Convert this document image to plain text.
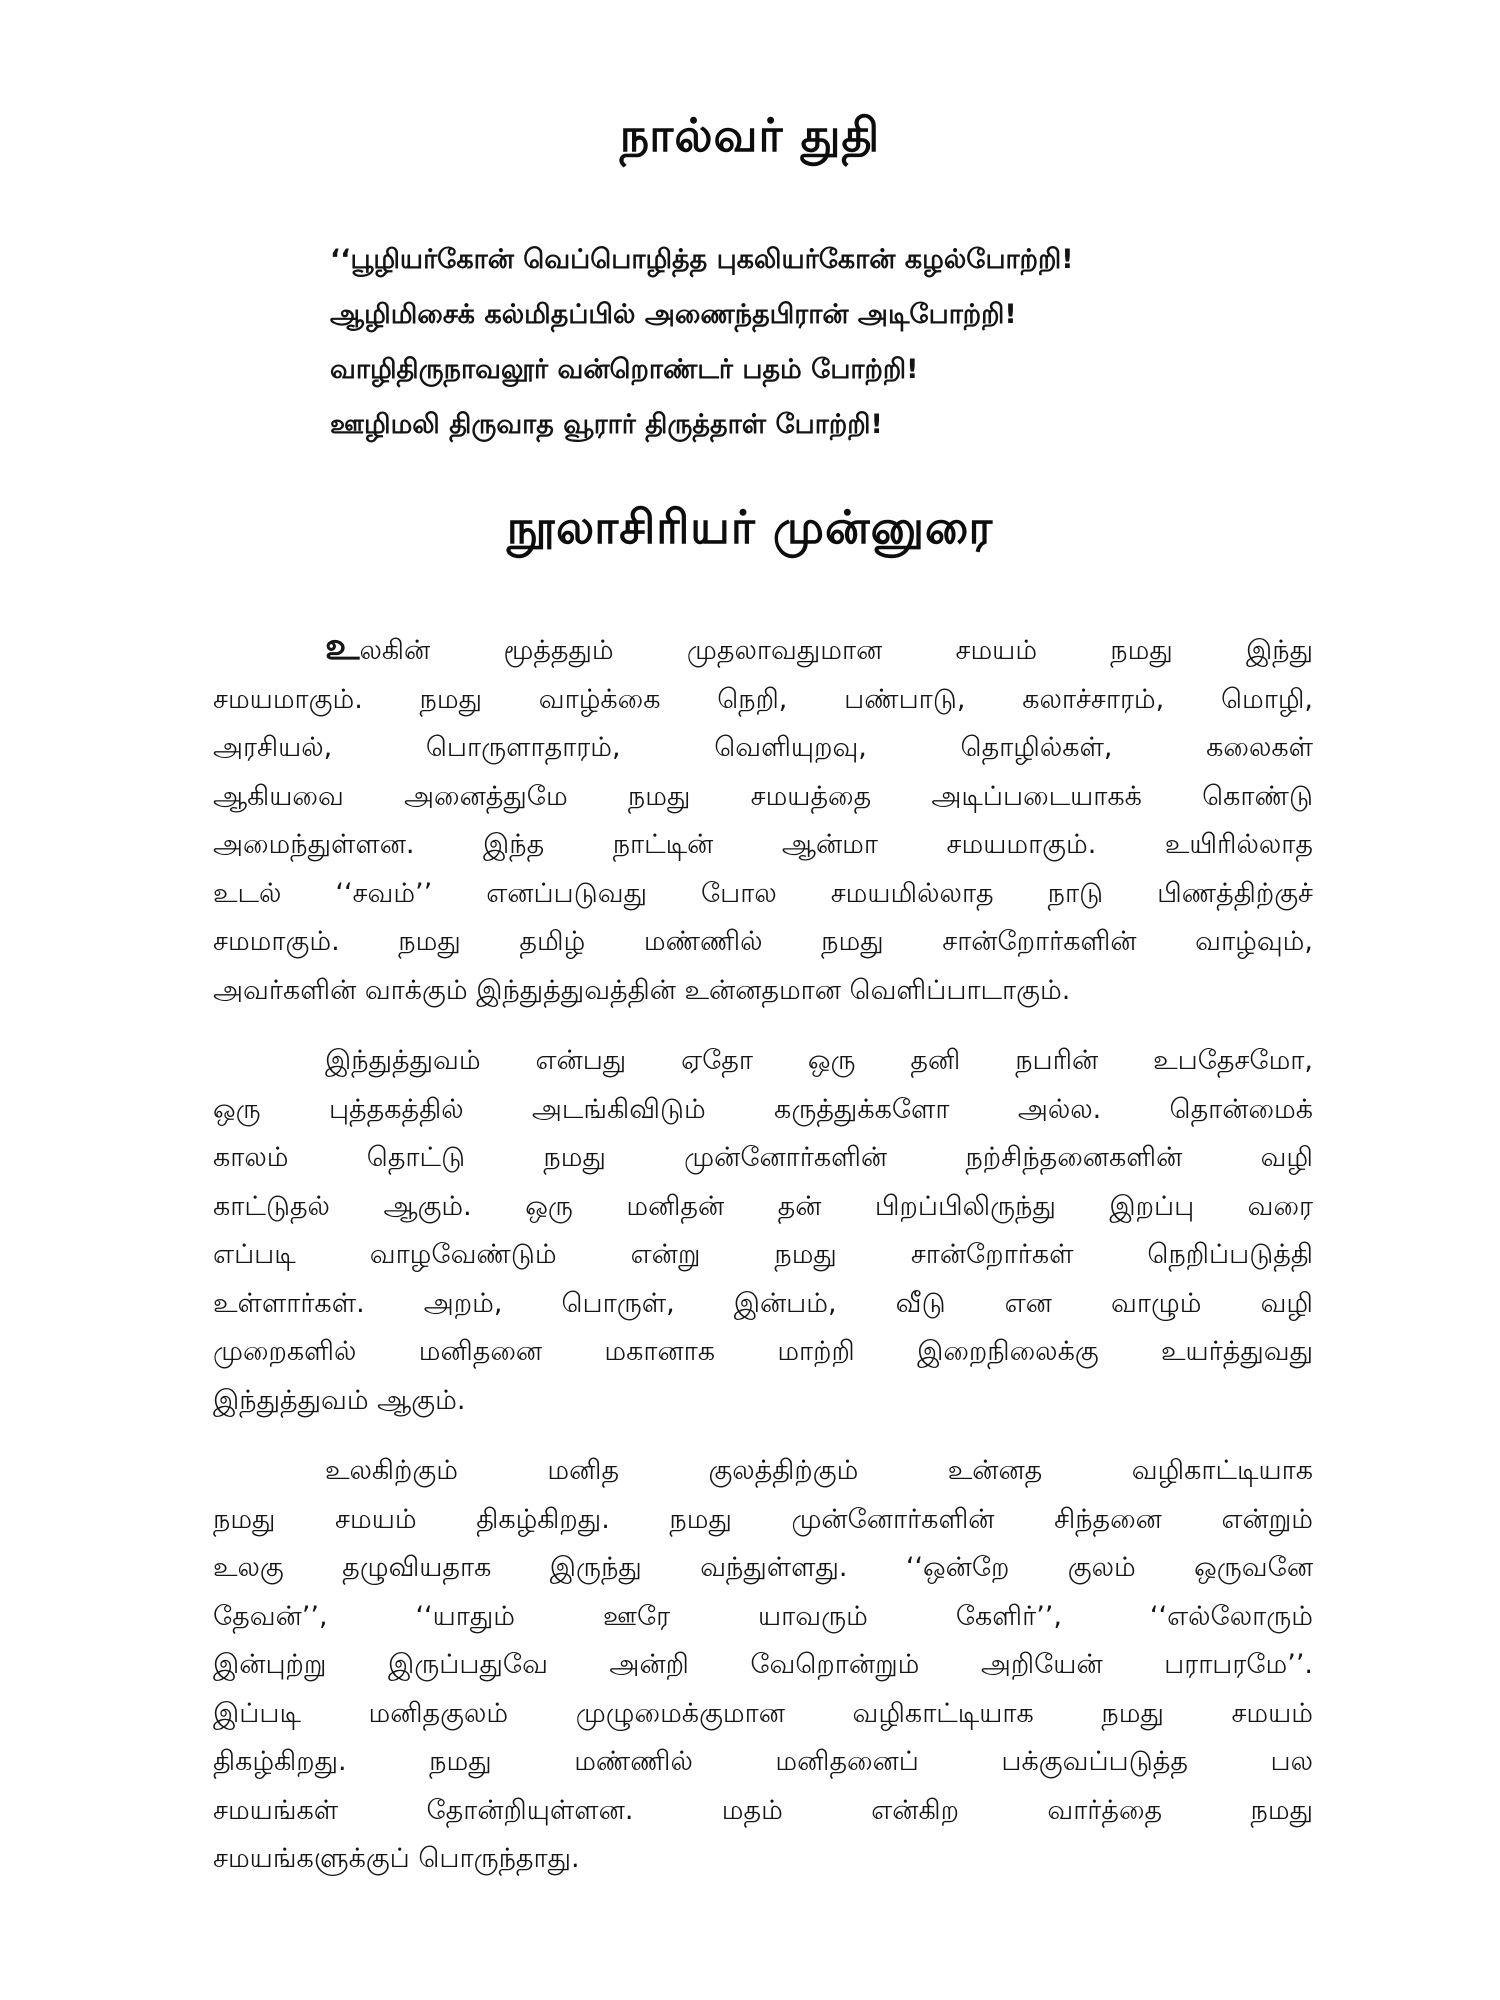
நால்வர் துதி
‘‘பூழியர்கோன் வெப்பொழித்த புகலியர்கோன் கழல்போற்றி!
ஆழிமிசைக் கல்மிதப்பில் அணைந்தபிரான் அடிபோற்றி!
வாழிதிருநாவலூர் வன்றொண்டர் பதம் போற்றி!
ஊழிமலி திருவாத வூரார் திருத்தாள் போற்றி!
நூலாசிரியர் முன்னுரை
உலகின் மூத்ததும் முதலாவதுமான சமயம் நமது இந்து
சமயமாகும். நமது வாழ்க்கை நெறி, பண்பாடு, கலாச்சாரம், மொழி,
அரசியல், பொருளாதாரம், வெளியுறவு, தொழில்கள், கலைகள்
ஆகியவை அனைத்துமே நமது சமயத்தை அடிப்படையாகக் கொண்டு
அமைந்துள்ளன. இந்த நாட்டின் ஆன்மா சமயமாகும். உயிரில்லாத
உடல் ‘‘சவம்’’ எனப்படுவது போல சமயமில்லாத நாடு பிணத்திற்குச்
சமமாகும். நமது தமிழ் மண்ணில் நமது சான்றோர்களின் வாழ்வும்,
அவர்களின் வாக்கும் இந்துத்துவத்தின் உன்னதமான வெளிப்பாடாகும்.
இந்துத்துவம் என்பது ஏதோ ஒரு தனி நபரின் உபதேசமோ,
ஒரு புத்தகத்தில் அடங்கிவிடும் கருத்துக்களோ அல்ல. தொன்மைக்
காலம் தொட்டு நமது முன்னோர்களின் நற்சிந்தனைகளின் வழி
காட்டுதல் ஆகும். ஒரு மனிதன் தன் பிறப்பிலிருந்து இறப்பு வரை
எப்படி வாழவேண்டும் என்று நமது சான்றோர்கள் நெறிப்படுத்தி
உள்ளார்கள். அறம், பொருள், இன்பம், வீடு என வாழும் வழி
முறைகளில் மனிதனை மகானாக மாற்றி இறைநிலைக்கு உயர்த்துவது
இந்துத்துவம் ஆகும்.
உலகிற்கும் மனித குலத்திற்கும் உன்னத வழிகாட்டியாக
நமது சமயம் திகழ்கிறது. நமது முன்னோர்களின் சிந்தனை என்றும்
உலகு தழுவியதாக இருந்து வந்துள்ளது. ‘‘ஒன்றே குலம் ஒருவனே
தேவன்’’, ‘‘யாதும் ஊரே யாவரும் கேளிர்’’, ‘‘எல்லோரும்
இன்புற்று இருப்பதுவே அன்றி வேறொன்றும் அறியேன் பராபரமே’’.
இப்படி மனிதகுலம் முழுமைக்குமான வழிகாட்டியாக நமது சமயம்
திகழ்கிறது. நமது மண்ணில் மனிதனைப் பக்குவப்படுத்த பல
சமயங்கள் தோன்றியுள்ளன. மதம் என்கிற வார்த்தை நமது
சமயங்களுக்குப் பொருந்தாது.
